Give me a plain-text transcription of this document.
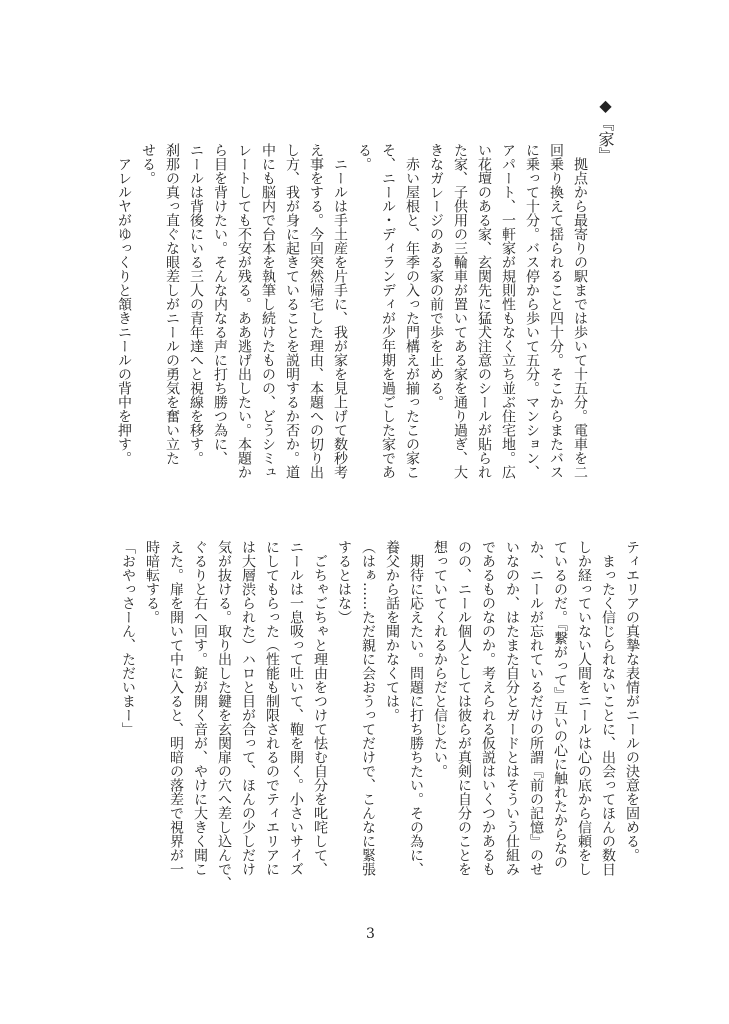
◆『家』
　拠点から最寄りの駅までは歩いて十五分。電車を二
回乗り換えて揺られること四十分。そこからまたバス
に乗って十分。バス停から歩いて五分。マンション、
アパート、一軒家が規則性もなく立ち並ぶ住宅地。広
い花壇のある家、玄関先に猛犬注意のシールが貼られ
た家、子供用の三輪車が置いてある家を通り過ぎ、大
きなガレージのある家の前で歩を止める。
　赤い屋根と、年季の入った門構えが揃ったこの家こ
そ、ニール・ディランディが少年期を過ごした家であ
る。
　ニールは手土産を片手に、我が家を見上げて数秒考
え事をする。今回突然帰宅した理由、本題への切り出
し方、我が身に起きていることを説明するか否か。道
中にも脳内で台本を執筆し続けたものの、どうシミュ
レートしても不安が残る。ああ逃げ出したい。本題か
ら目を背けたい。そんな内なる声に打ち勝つ為に、
ニールは背後にいる三人の青年達へと視線を移す。
刹那の真っ直ぐな眼差しがニールの勇気を奮い立た
せる。
　アレルヤがゆっくりと頷きニールの背中を押す。
ティエリアの真摯な表情がニールの決意を固める。
　まったく信じられないことに、出会ってほんの数日
しか経っていない人間をニールは心の底から信頼をし
ているのだ。『繋がって』互いの心に触れたからなの
か、ニールが忘れているだけの所謂『前の記憶』のせ
いなのか、はたまた自分とガードとはそういう仕組み
であるものなのか。考えられる仮説はいくつかあるも
のの、ニール個人としては彼らが真剣に自分のことを
想っていてくれるからだと信じたい。
　期待に応えたい。問題に打ち勝ちたい。その為に、
養父から話を聞かなくては。
（はぁ……ただ親に会おうってだけで、こんなに緊張
するとはな）
　ごちゃごちゃと理由をつけて怯む自分を叱咤して、
ニールは一息吸って吐いて、鞄を開く。小さいサイズ
にしてもらった（性能も制限されるのでティエリアに
は大層渋られた）ハロと目が合って、ほんの少しだけ
気が抜ける。取り出した鍵を玄関扉の穴へ差し込んで、
ぐるりと右へ回す。錠が開く音が、やけに大きく聞こ
えた。扉を開いて中に入ると、明暗の落差で視界が一
時暗転する。
「おやっさーん、ただいまー」
3
